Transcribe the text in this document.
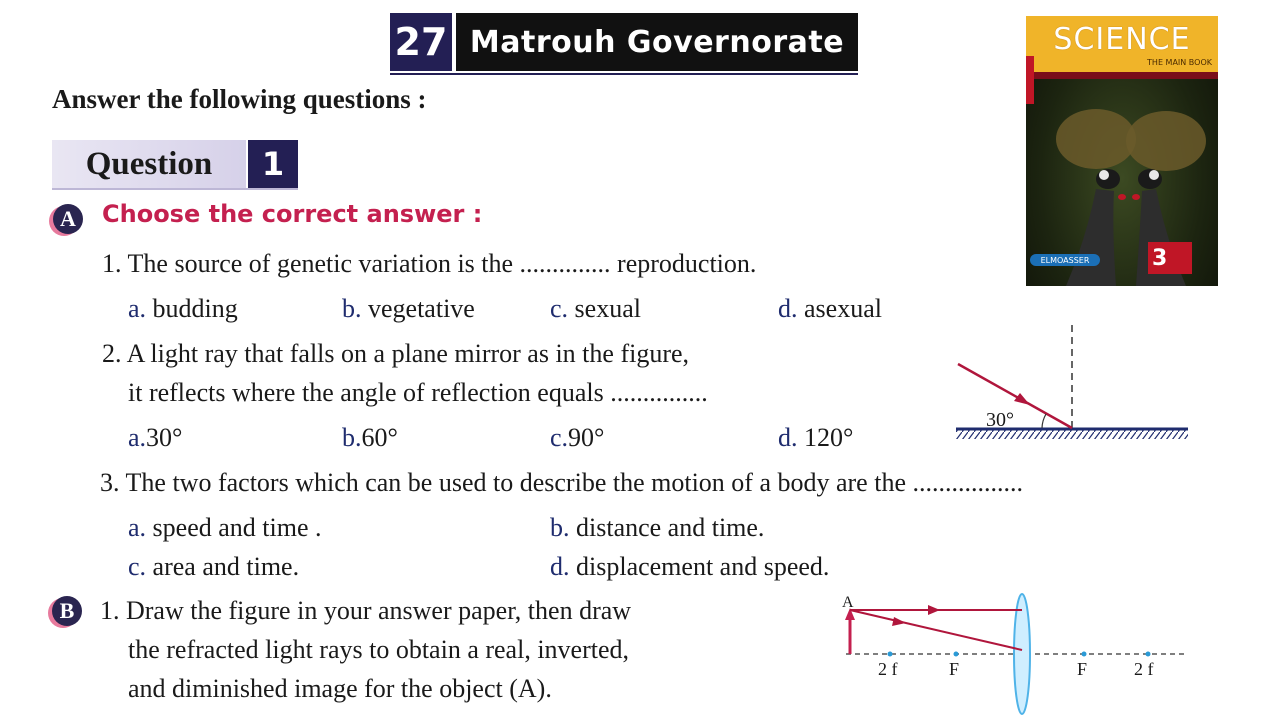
27 Matrouh Governorate
Answer the following questions :
Question	1
A Choose the correct answer :
1. The source of genetic variation is the .............. reproduction.
a. budding	b. vegetative	c. sexual	d. asexual
2. A light ray that falls on a plane mirror as in the figure,
it reflects where the angle of reflection equals ...............
a.30°	b.60°	c.90°	d. 120°
30°
3. The two factors which can be used to describe the motion of a body are the .................
a. speed and time .	b. distance and time.
c. area and time.	d. displacement and speed.
B 1. Draw the figure in your answer paper, then draw
the refracted light rays to obtain a real, inverted,
and diminished image for the object (A).
A
2 f	F	F	2 f
SCIENCE
THE MAIN BOOK
ELMOASSER	3
